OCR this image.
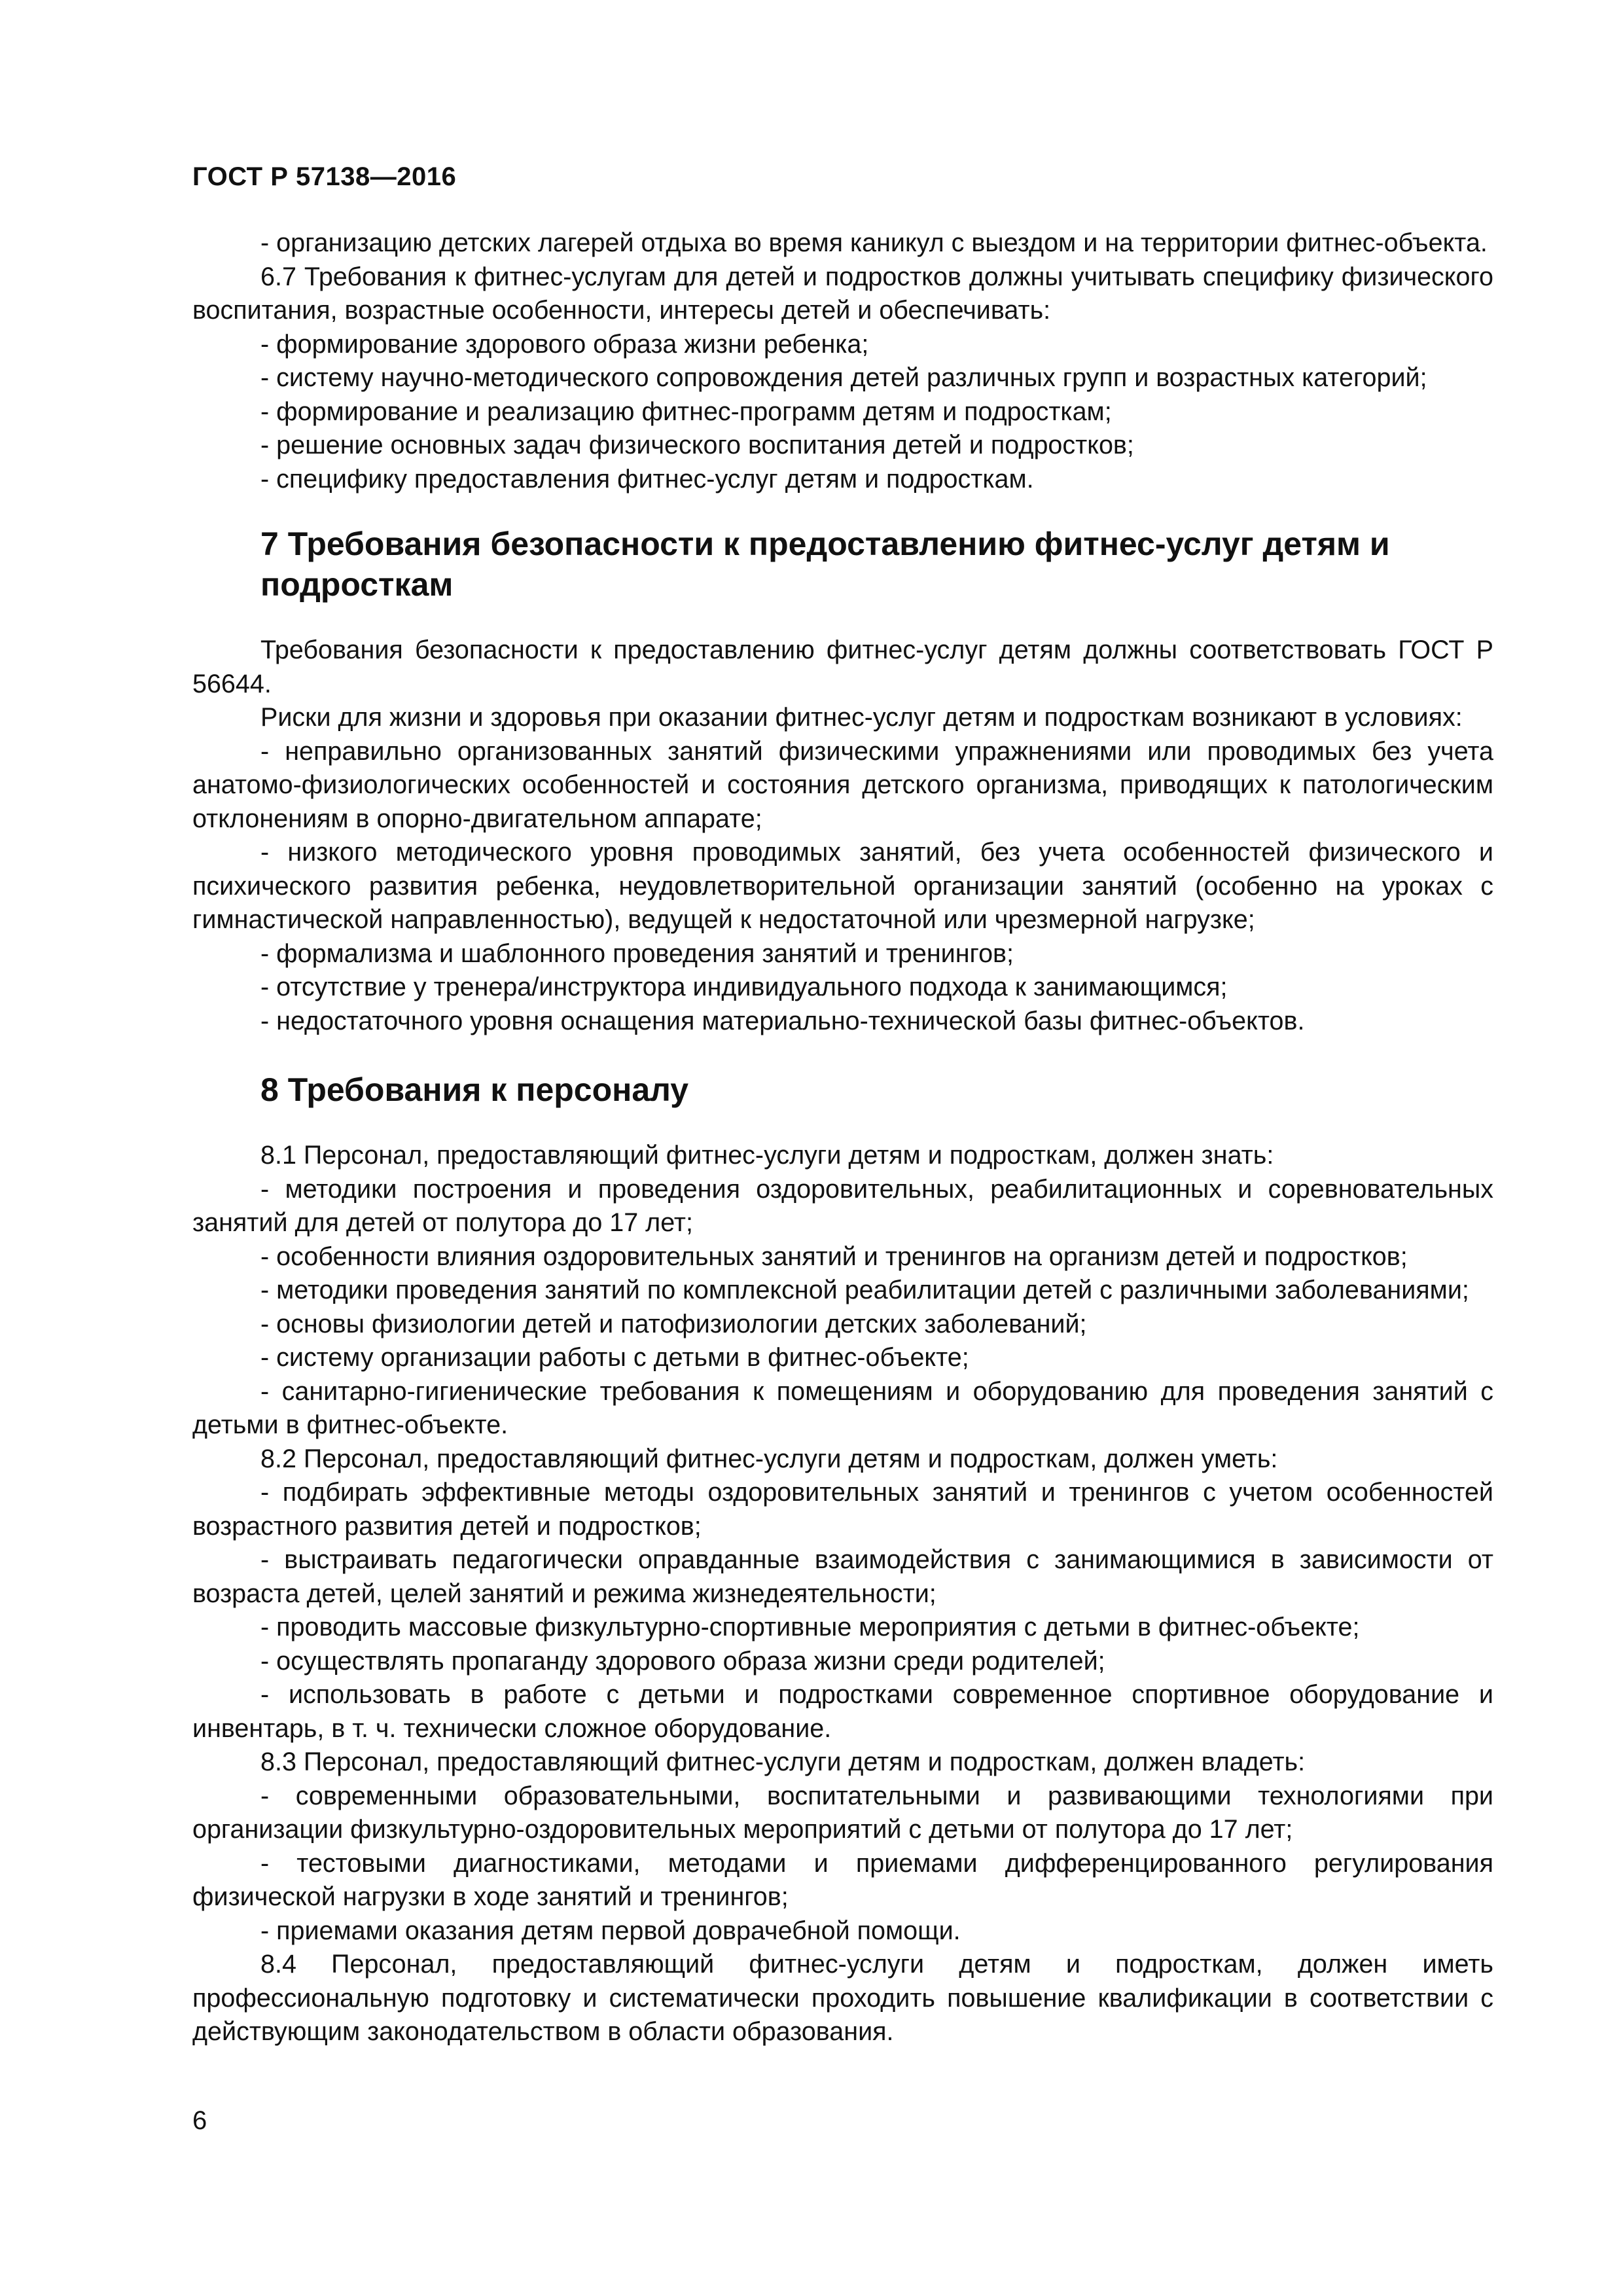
ГОСТ Р 57138—2016

- организацию детских лагерей отдыха во время каникул с выездом и на территории фитнес-объекта.

6.7 Требования к фитнес-услугам для детей и подростков должны учитывать специфику физического воспитания, возрастные особенности, интересы детей и обеспечивать:

- формирование здорового образа жизни ребенка;

- систему научно-методического сопровождения детей различных групп и возрастных категорий;

- формирование и реализацию фитнес-программ детям и подросткам;

- решение основных задач физического воспитания детей и подростков;

- специфику предоставления фитнес-услуг детям и подросткам.

7 Требования безопасности к предоставлению фитнес-услуг детям и подросткам

Требования безопасности к предоставлению фитнес-услуг детям должны соответствовать ГОСТ Р 56644.

Риски для жизни и здоровья при оказании фитнес-услуг детям и подросткам возникают в условиях:

- неправильно организованных занятий физическими упражнениями или проводимых без учета анатомо-физиологических особенностей и состояния детского организма, приводящих к патологическим отклонениям в опорно-двигательном аппарате;

- низкого методического уровня проводимых занятий, без учета особенностей физического и психического развития ребенка, неудовлетворительной организации занятий (особенно на уроках с гимнастической направленностью), ведущей к недостаточной или чрезмерной нагрузке;

- формализма и шаблонного проведения занятий и тренингов;

- отсутствие у тренера/инструктора индивидуального подхода к занимающимся;

- недостаточного уровня оснащения материально-технической базы фитнес-объектов.

8 Требования к персоналу

8.1 Персонал, предоставляющий фитнес-услуги детям и подросткам, должен знать:

- методики построения и проведения оздоровительных, реабилитационных и соревновательных занятий для детей от полутора до 17 лет;

- особенности влияния оздоровительных занятий и тренингов на организм детей и подростков;

- методики проведения занятий по комплексной реабилитации детей с различными заболеваниями;

- основы физиологии детей и патофизиологии детских заболеваний;

- систему организации работы с детьми в фитнес-объекте;

- санитарно-гигиенические требования к помещениям и оборудованию для проведения занятий с детьми в фитнес-объекте.

8.2 Персонал, предоставляющий фитнес-услуги детям и подросткам, должен уметь:

- подбирать эффективные методы оздоровительных занятий и тренингов с учетом особенностей возрастного развития детей и подростков;

- выстраивать педагогически оправданные взаимодействия с занимающимися в зависимости от возраста детей, целей занятий и режима жизнедеятельности;

- проводить массовые физкультурно-спортивные мероприятия с детьми в фитнес-объекте;

- осуществлять пропаганду здорового образа жизни среди родителей;

- использовать в работе с детьми и подростками современное спортивное оборудование и инвентарь, в т. ч. технически сложное оборудование.

8.3 Персонал, предоставляющий фитнес-услуги детям и подросткам, должен владеть:

- современными образовательными, воспитательными и развивающими технологиями при организации физкультурно-оздоровительных мероприятий с детьми от полутора до 17 лет;

- тестовыми диагностиками, методами и приемами дифференцированного регулирования физической нагрузки в ходе занятий и тренингов;

- приемами оказания детям первой доврачебной помощи.

8.4 Персонал, предоставляющий фитнес-услуги детям и подросткам, должен иметь профессиональную подготовку и систематически проходить повышение квалификации в соответствии с действующим законодательством в области образования.

6
